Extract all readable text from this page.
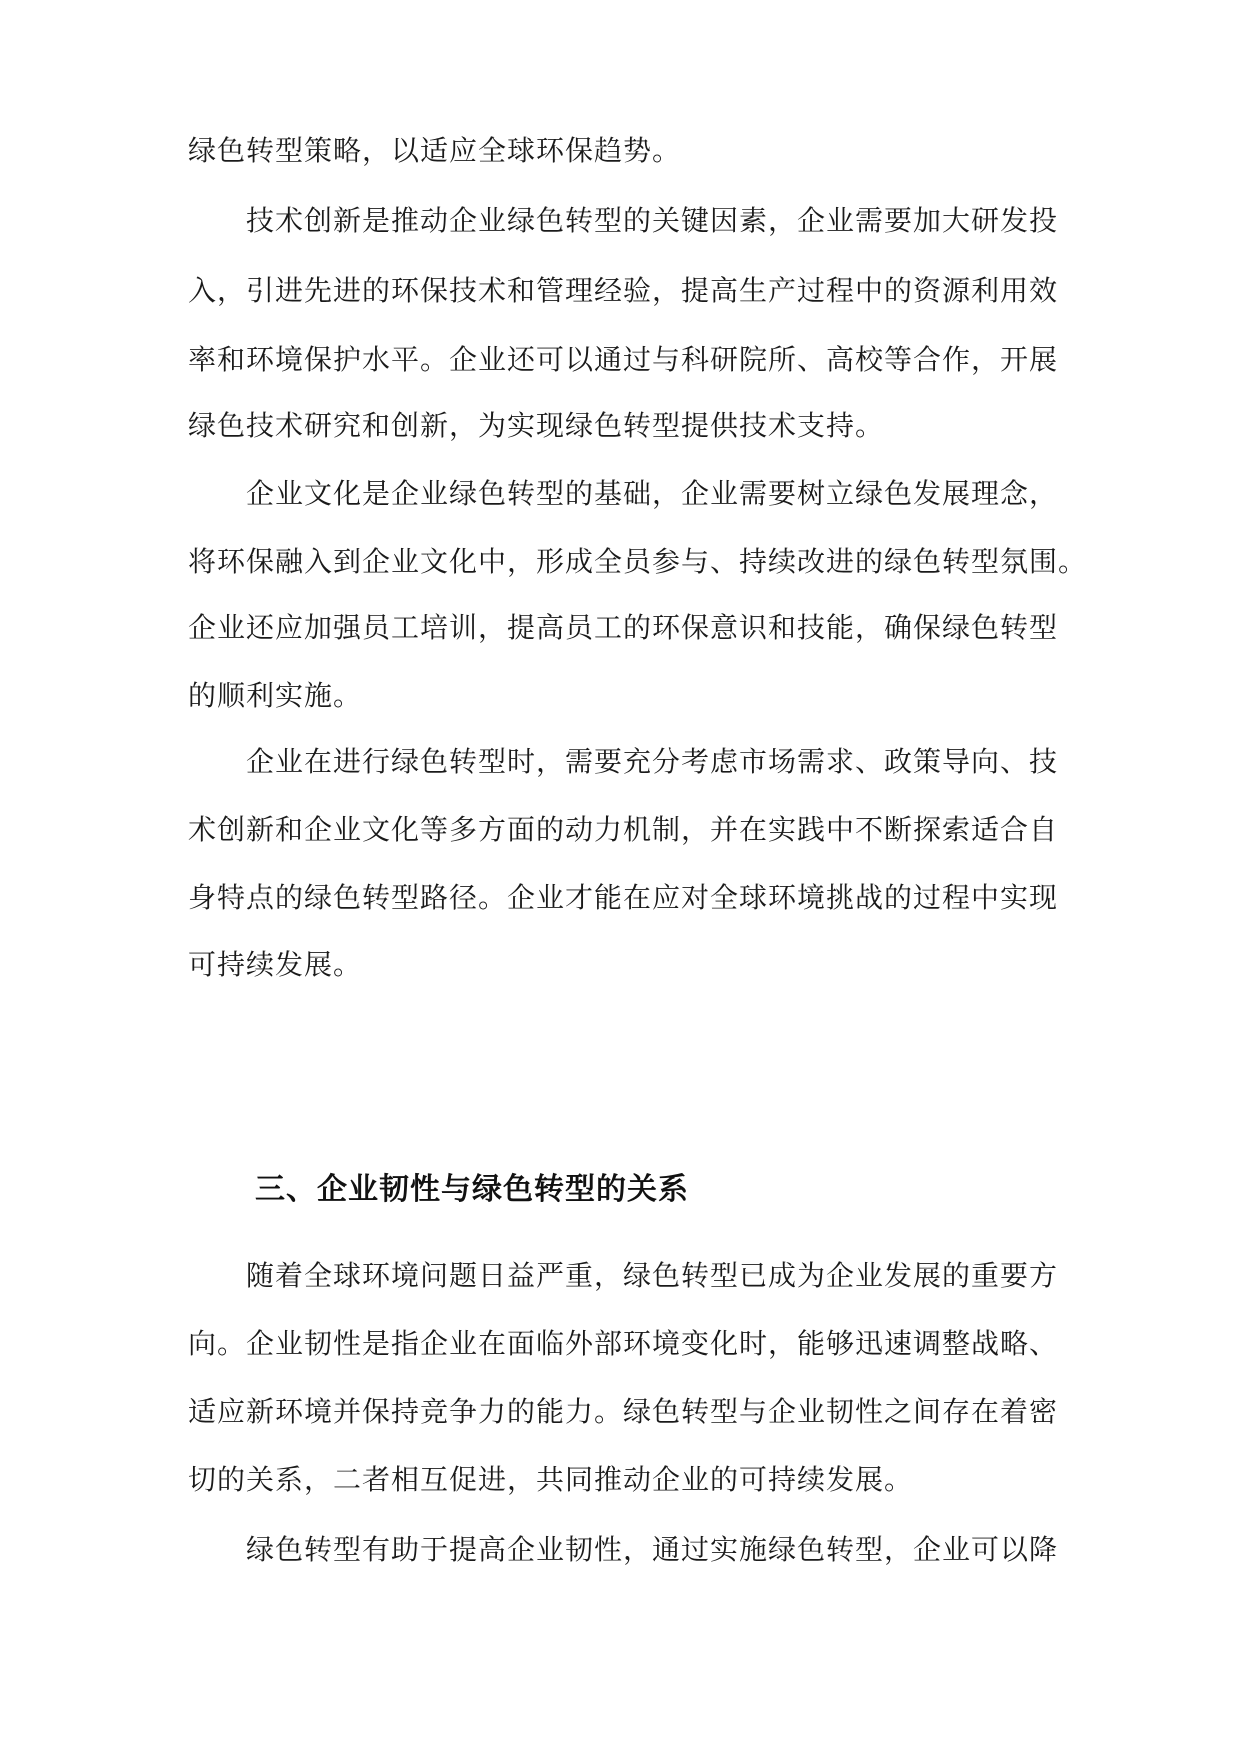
绿色转型策略，以适应全球环保趋势。
技术创新是推动企业绿色转型的关键因素，企业需要加大研发投
入，引进先进的环保技术和管理经验，提高生产过程中的资源利用效
率和环境保护水平。企业还可以通过与科研院所、高校等合作，开展
绿色技术研究和创新，为实现绿色转型提供技术支持。
企业文化是企业绿色转型的基础，企业需要树立绿色发展理念，
将环保融入到企业文化中，形成全员参与、持续改进的绿色转型氛围。
企业还应加强员工培训，提高员工的环保意识和技能，确保绿色转型
的顺利实施。
企业在进行绿色转型时，需要充分考虑市场需求、政策导向、技
术创新和企业文化等多方面的动力机制，并在实践中不断探索适合自
身特点的绿色转型路径。企业才能在应对全球环境挑战的过程中实现
可持续发展。
随着全球环境问题日益严重，绿色转型已成为企业发展的重要方
向。企业韧性是指企业在面临外部环境变化时，能够迅速调整战略、
适应新环境并保持竞争力的能力。绿色转型与企业韧性之间存在着密
切的关系，二者相互促进，共同推动企业的可持续发展。
绿色转型有助于提高企业韧性，通过实施绿色转型，企业可以降
三、企业韧性与绿色转型的关系
